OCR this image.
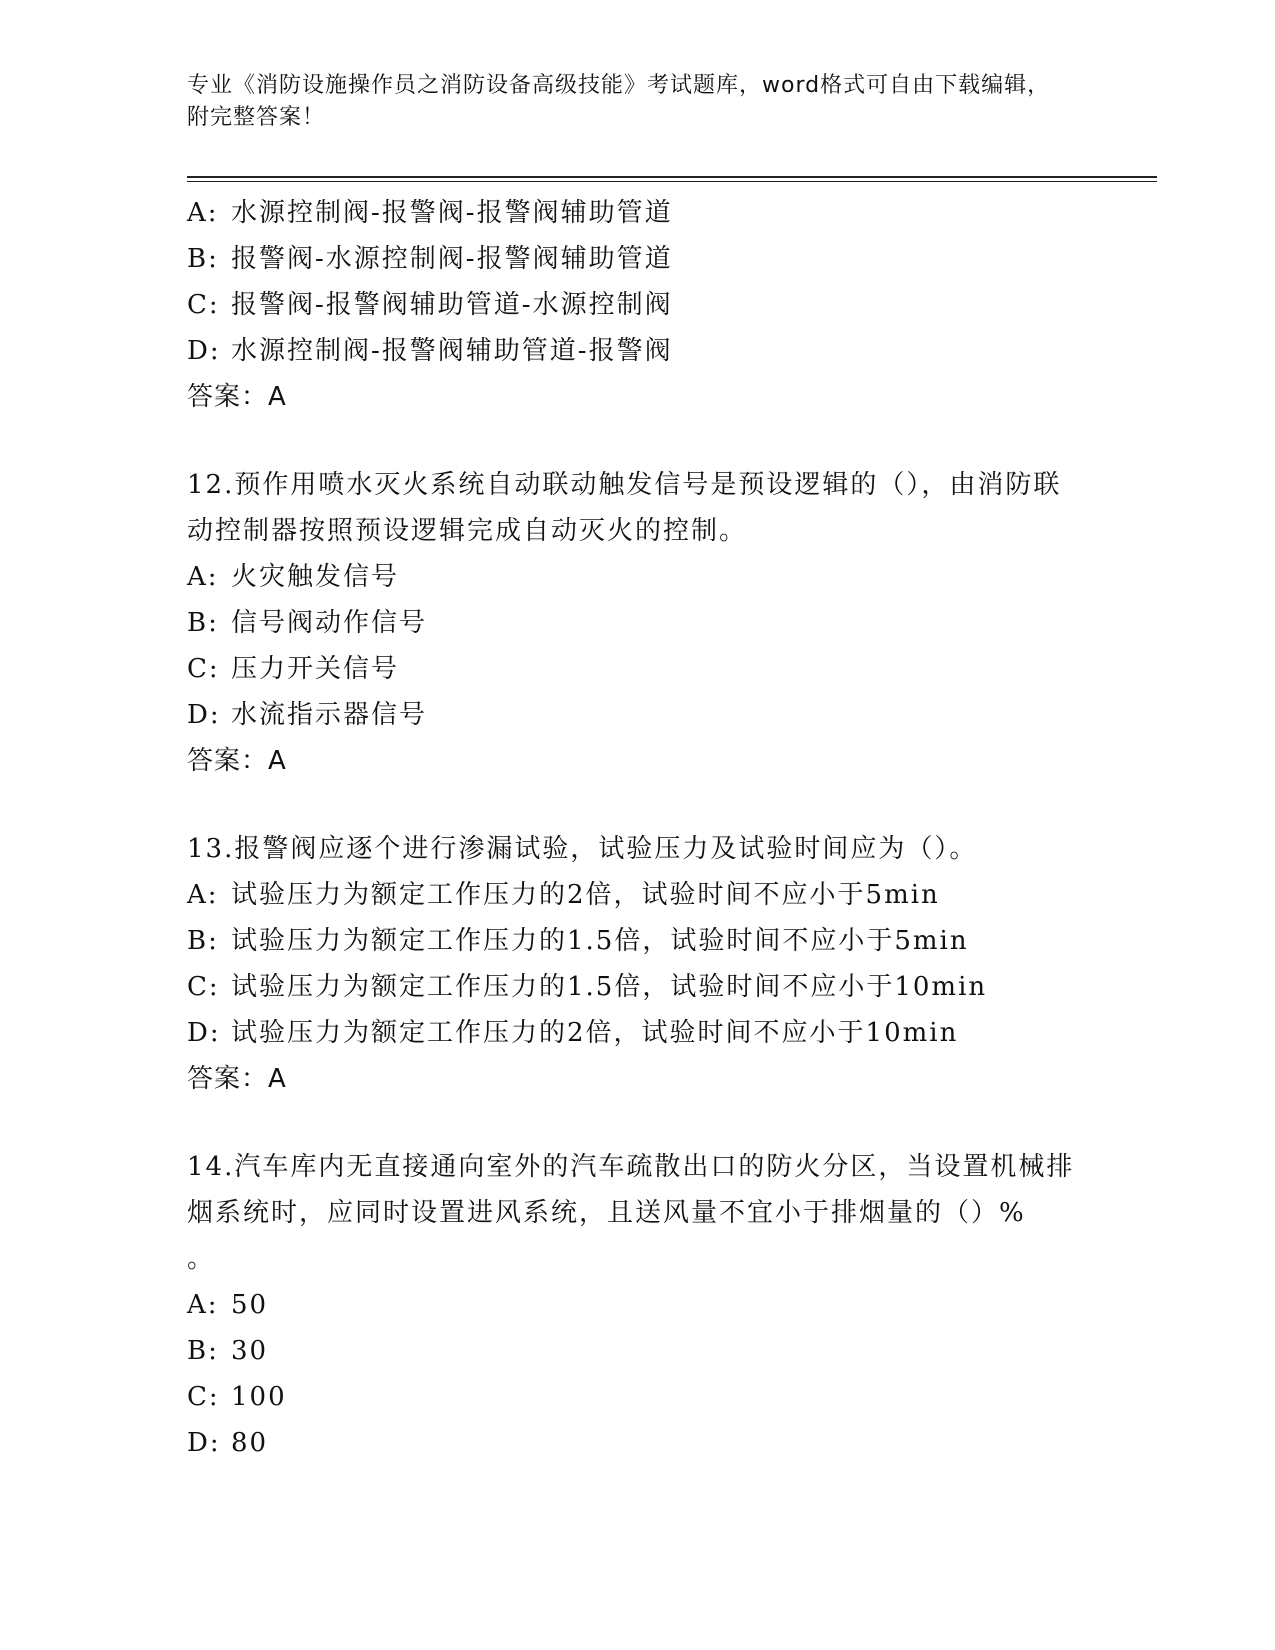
专业《消防设施操作员之消防设备高级技能》考试题库，word格式可自由下载编辑，附完整答案！
A: 水源控制阀-报警阀-报警阀辅助管道
B: 报警阀-水源控制阀-报警阀辅助管道
C: 报警阀-报警阀辅助管道-水源控制阀
D: 水源控制阀-报警阀辅助管道-报警阀
答案：A
12.预作用喷水灭火系统自动联动触发信号是预设逻辑的（），由消防联动控制器按照预设逻辑完成自动灭火的控制。
A: 火灾触发信号
B: 信号阀动作信号
C: 压力开关信号
D: 水流指示器信号
答案：A
13.报警阀应逐个进行渗漏试验，试验压力及试验时间应为（）。
A: 试验压力为额定工作压力的2倍，试验时间不应小于5min
B: 试验压力为额定工作压力的1.5倍，试验时间不应小于5min
C: 试验压力为额定工作压力的1.5倍，试验时间不应小于10min
D: 试验压力为额定工作压力的2倍，试验时间不应小于10min
答案：A
14.汽车库内无直接通向室外的汽车疏散出口的防火分区，当设置机械排烟系统时，应同时设置进风系统，且送风量不宜小于排烟量的（）%
。
A: 50
B: 30
C: 100
D: 80
